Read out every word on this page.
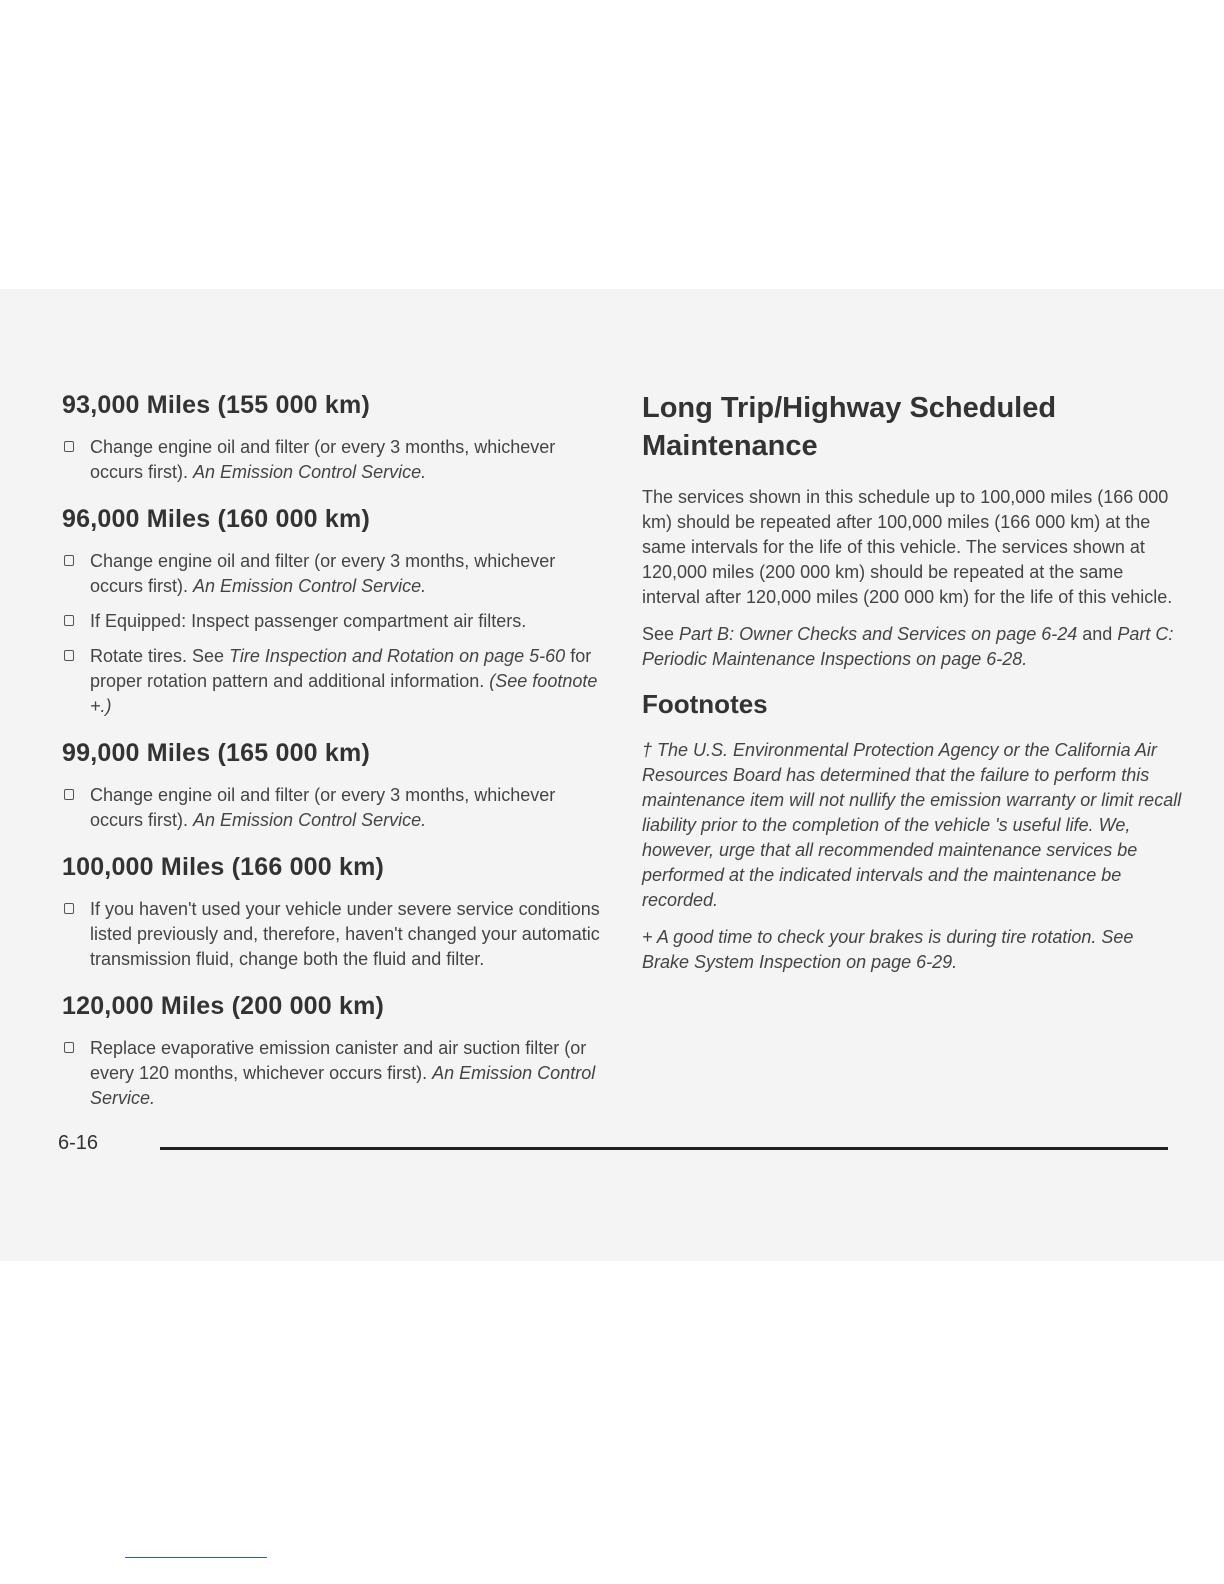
93,000 Miles (155 000 km)
Change engine oil and filter (or every 3 months, whichever occurs first). An Emission Control Service.
96,000 Miles (160 000 km)
Change engine oil and filter (or every 3 months, whichever occurs first). An Emission Control Service.
If Equipped: Inspect passenger compartment air filters.
Rotate tires. See Tire Inspection and Rotation on page 5-60 for proper rotation pattern and additional information. (See footnote +.)
99,000 Miles (165 000 km)
Change engine oil and filter (or every 3 months, whichever occurs first). An Emission Control Service.
100,000 Miles (166 000 km)
If you haven't used your vehicle under severe service conditions listed previously and, therefore, haven't changed your automatic transmission fluid, change both the fluid and filter.
120,000 Miles (200 000 km)
Replace evaporative emission canister and air suction filter (or every 120 months, whichever occurs first). An Emission Control Service.
Long Trip/Highway Scheduled Maintenance

The services shown in this schedule up to 100,000 miles (166 000 km) should be repeated after 100,000 miles (166 000 km) at the same intervals for the life of this vehicle. The services shown at 120,000 miles (200 000 km) should be repeated at the same interval after 120,000 miles (200 000 km) for the life of this vehicle.

See Part B: Owner Checks and Services on page 6-24 and Part C: Periodic Maintenance Inspections on page 6-28.

Footnotes

† The U.S. Environmental Protection Agency or the California Air Resources Board has determined that the failure to perform this maintenance item will not nullify the emission warranty or limit recall liability prior to the completion of the vehicle 's useful life. We, however, urge that all recommended maintenance services be performed at the indicated intervals and the maintenance be recorded.

+ A good time to check your brakes is during tire rotation. See Brake System Inspection on page 6-29.

6-16
